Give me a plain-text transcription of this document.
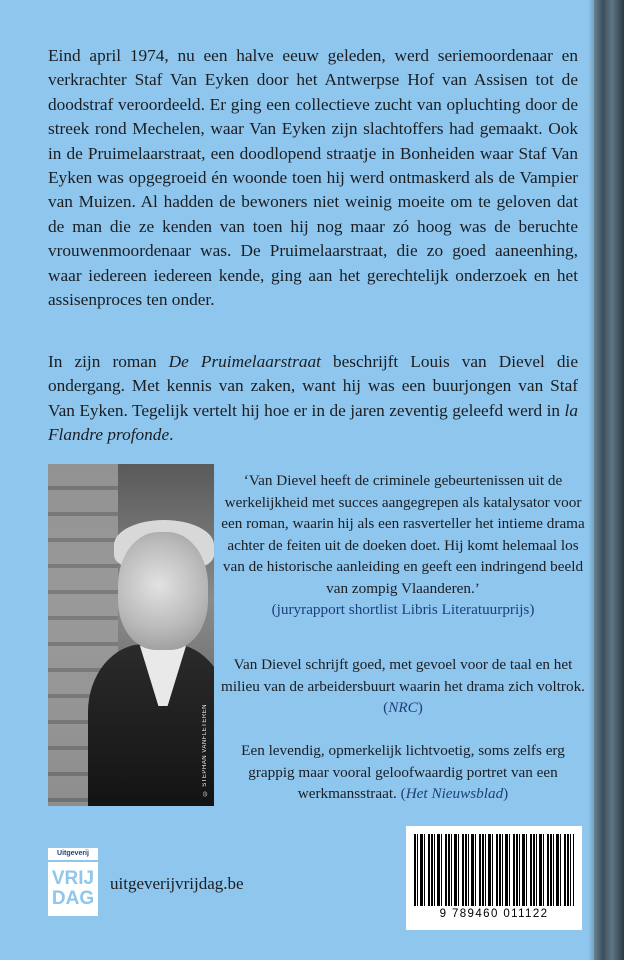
Eind april 1974, nu een halve eeuw geleden, werd seriemoordenaar en verkrachter Staf Van Eyken door het Antwerpse Hof van Assisen tot de doodstraf veroordeeld. Er ging een collectieve zucht van opluchting door de streek rond Mechelen, waar Van Eyken zijn slachtoffers had gemaakt. Ook in de Pruimelaarstraat, een doodlopend straatje in Bonheiden waar Staf Van Eyken was opgegroeid én woonde toen hij werd ontmaskerd als de Vampier van Muizen. Al hadden de bewoners niet weinig moeite om te geloven dat de man die ze kenden van toen hij nog maar zó hoog was de beruchte vrouwenmoordenaar was. De Pruimelaarstraat, die zo goed aaneenhing, waar iedereen iedereen kende, ging aan het gerechtelijk onderzoek en het assisenproces ten onder.

In zijn roman De Pruimelaarstraat beschrijft Louis van Dievel die ondergang. Met kennis van zaken, want hij was een buurjongen van Staf Van Eyken. Tegelijk vertelt hij hoe er in de jaren zeventig geleefd werd in la Flandre profonde.

© STEPHAN VANFLETEREN

‘Van Dievel heeft de criminele gebeurtenissen uit de werkelijkheid met succes aangegrepen als katalysator voor een roman, waarin hij als een rasverteller het intieme drama achter de feiten uit de doeken doet. Hij komt helemaal los van de historische aanleiding en geeft een indringend beeld van zompig Vlaanderen.’
(juryrapport shortlist Libris Literatuurprijs)

Van Dievel schrijft goed, met gevoel voor de taal en het milieu van de arbeidersbuurt waarin het drama zich voltrok. (NRC)

Een levendig, opmerkelijk lichtvoetig, soms zelfs erg grappig maar vooral geloofwaardig portret van een werkmansstraat. (Het Nieuwsblad)

Uitgeverij
VRIJ
DAG
uitgeverijvrijdag.be
9 789460 011122
